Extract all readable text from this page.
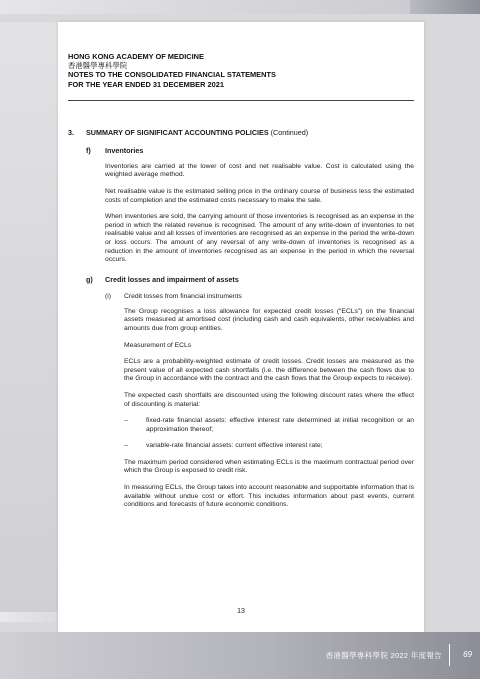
HONG KONG ACADEMY OF MEDICINE
香港醫學專科學院
NOTES TO THE CONSOLIDATED FINANCIAL STATEMENTS
FOR THE YEAR ENDED 31 DECEMBER 2021
3.	SUMMARY OF SIGNIFICANT ACCOUNTING POLICIES (Continued)
f)	Inventories

Inventories are carried at the lower of cost and net realisable value. Cost is calculated using the weighted average method.

Net realisable value is the estimated selling price in the ordinary course of business less the estimated costs of completion and the estimated costs necessary to make the sale.

When inventories are sold, the carrying amount of those inventories is recognised as an expense in the period in which the related revenue is recognised. The amount of any write-down of inventories to net realisable value and all losses of inventories are recognised as an expense in the period the write-down or loss occurs. The amount of any reversal of any write-down of inventories is recognised as a reduction in the amount of inventories recognised as an expense in the period in which the reversal occurs.

g)	Credit losses and impairment of assets
(i)	Credit losses from financial instruments

The Group recognises a loss allowance for expected credit losses (“ECLs”) on the financial assets measured at amortised cost (including cash and cash equivalents, other receivables and amounts due from group entities.

Measurement of ECLs

ECLs are a probability-weighted estimate of credit losses. Credit losses are measured as the present value of all expected cash shortfalls (i.e. the difference between the cash flows due to the Group in accordance with the contract and the cash flows that the Group expects to receive).

The expected cash shortfalls are discounted using the following discount rates where the effect of discounting is material:

–	fixed-rate financial assets: effective interest rate determined at initial recognition or an approximation thereof;
–	variable-rate financial assets: current effective interest rate;

The maximum period considered when estimating ECLs is the maximum contractual period over which the Group is exposed to credit risk.

In measuring ECLs, the Group takes into account reasonable and supportable information that is available without undue cost or effort. This includes information about past events, current conditions and forecasts of future economic conditions.

13
香港醫學專科學院 2022 年度報告	69
